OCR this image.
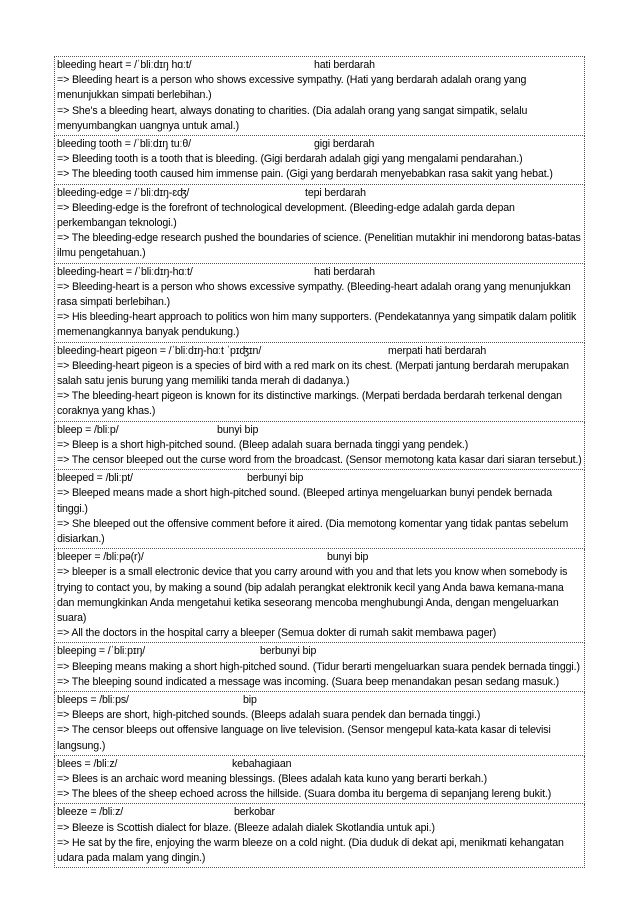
bleeding heart = /ˈbliːdɪŋ hɑːt/	hati berdarah
=> Bleeding heart is a person who shows excessive sympathy. (Hati yang berdarah adalah orang yang menunjukkan simpati berlebihan.)
=> She's a bleeding heart, always donating to charities. (Dia adalah orang yang sangat simpatik, selalu menyumbangkan uangnya untuk amal.)
bleeding tooth = /ˈbliːdɪŋ tuːθ/	gigi berdarah
=> Bleeding tooth is a tooth that is bleeding. (Gigi berdarah adalah gigi yang mengalami pendarahan.)
=> The bleeding tooth caused him immense pain. (Gigi yang berdarah menyebabkan rasa sakit yang hebat.)
bleeding-edge = /ˈbliːdɪŋ-ɛʤ/	tepi berdarah
=> Bleeding-edge is the forefront of technological development. (Bleeding-edge adalah garda depan perkembangan teknologi.)
=> The bleeding-edge research pushed the boundaries of science. (Penelitian mutakhir ini mendorong batas-batas ilmu pengetahuan.)
bleeding-heart = /ˈbliːdɪŋ-hɑːt/	hati berdarah
=> Bleeding-heart is a person who shows excessive sympathy. (Bleeding-heart adalah orang yang menunjukkan rasa simpati berlebihan.)
=> His bleeding-heart approach to politics won him many supporters. (Pendekatannya yang simpatik dalam politik memenangkannya banyak pendukung.)
bleeding-heart pigeon = /ˈbliːdɪŋ-hɑːt ˈpɪʤɪn/	merpati hati berdarah
=> Bleeding-heart pigeon is a species of bird with a red mark on its chest. (Merpati jantung berdarah merupakan salah satu jenis burung yang memiliki tanda merah di dadanya.)
=> The bleeding-heart pigeon is known for its distinctive markings. (Merpati berdada berdarah terkenal dengan coraknya yang khas.)
bleep = /bliːp/	bunyi bip
=> Bleep is a short high-pitched sound. (Bleep adalah suara bernada tinggi yang pendek.)
=> The censor bleeped out the curse word from the broadcast. (Sensor memotong kata kasar dari siaran tersebut.)
bleeped = /bliːpt/	berbunyi bip
=> Bleeped means made a short high-pitched sound. (Bleeped artinya mengeluarkan bunyi pendek bernada tinggi.)
=> She bleeped out the offensive comment before it aired. (Dia memotong komentar yang tidak pantas sebelum disiarkan.)
bleeper = /bliːpə(r)/	bunyi bip
=> bleeper is a small electronic device that you carry around with you and that lets you know when somebody is trying to contact you, by making a sound (bip adalah perangkat elektronik kecil yang Anda bawa kemana-mana dan memungkinkan Anda mengetahui ketika seseorang mencoba menghubungi Anda, dengan mengeluarkan suara)
=> All the doctors in the hospital carry a bleeper (Semua dokter di rumah sakit membawa pager)
bleeping = /ˈbliːpɪŋ/	berbunyi bip
=> Bleeping means making a short high-pitched sound. (Tidur berarti mengeluarkan suara pendek bernada tinggi.)
=> The bleeping sound indicated a message was incoming. (Suara beep menandakan pesan sedang masuk.)
bleeps = /bliːps/	bip
=> Bleeps are short, high-pitched sounds. (Bleeps adalah suara pendek dan bernada tinggi.)
=> The censor bleeps out offensive language on live television. (Sensor mengepul kata-kata kasar di televisi langsung.)
blees = /bliːz/	kebahagiaan
=> Blees is an archaic word meaning blessings. (Blees adalah kata kuno yang berarti berkah.)
=> The blees of the sheep echoed across the hillside. (Suara domba itu bergema di sepanjang lereng bukit.)
bleeze = /bliːz/	berkobar
=> Bleeze is Scottish dialect for blaze. (Bleeze adalah dialek Skotlandia untuk api.)
=> He sat by the fire, enjoying the warm bleeze on a cold night. (Dia duduk di dekat api, menikmati kehangatan udara pada malam yang dingin.)
